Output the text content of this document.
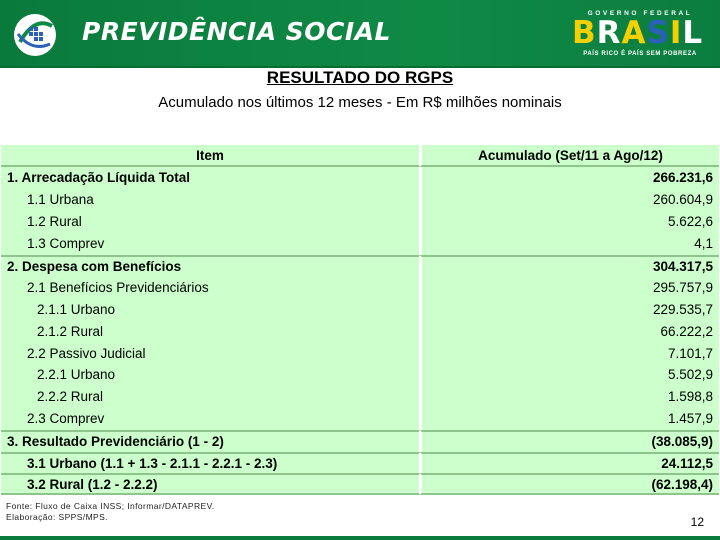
PREVIDÊNCIA SOCIAL
GOVERNO FEDERAL
BRASIL
PAÍS RICO É PAÍS SEM POBREZA
RESULTADO DO RGPS
Acumulado nos últimos 12 meses - Em R$ milhões nominais
Item	Acumulado (Set/11 a Ago/12)
1. Arrecadação Líquida Total	266.231,6
1.1 Urbana	260.604,9
1.2 Rural	5.622,6
1.3 Comprev	4,1
2. Despesa com Benefícios	304.317,5
2.1 Benefícios Previdenciários	295.757,9
2.1.1 Urbano	229.535,7
2.1.2 Rural	66.222,2
2.2 Passivo Judicial	7.101,7
2.2.1 Urbano	5.502,9
2.2.2 Rural	1.598,8
2.3 Comprev	1.457,9
3. Resultado Previdenciário (1 - 2)	(38.085,9)
3.1 Urbano (1.1 + 1.3 - 2.1.1 - 2.2.1 - 2.3)	24.112,5
3.2 Rural (1.2 - 2.2.2)	(62.198,4)
Fonte: Fluxo de Caixa INSS; Informar/DATAPREV.
Elaboração: SPPS/MPS.	12
